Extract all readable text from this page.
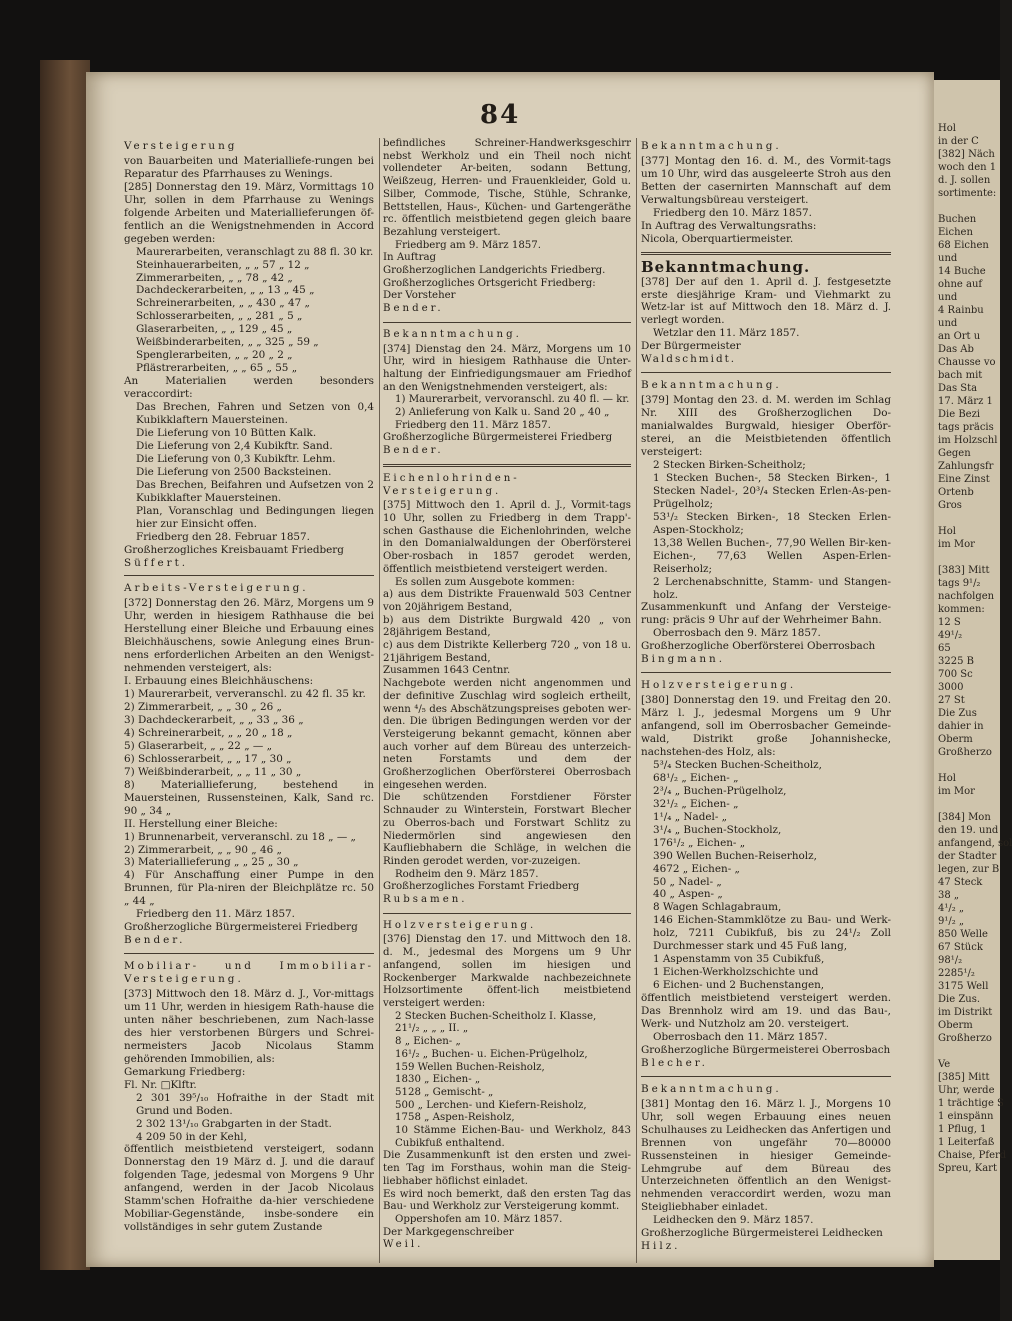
84

Versteigerung

von Bauarbeiten und Materialliefe-rungen bei Reparatur des Pfarrhauses zu Wenings.

[285] Donnerstag den 19. März, Vormittags 10 Uhr, sollen in dem Pfarrhause zu Wenings folgende Arbeiten und Materiallieferungen öf-fentlich an die Wenigstnehmenden in Accord gegeben werden:

Maurerarbeiten, veranschlagt zu 88 fl. 30 kr.

Steinhauerarbeiten, „ „ 57 „ 12 „

Zimmerarbeiten, „ „ 78 „ 42 „

Dachdeckerarbeiten, „ „ 13 „ 45 „

Schreinerarbeiten, „ „ 430 „ 47 „

Schlosserarbeiten, „ „ 281 „ 5 „

Glaserarbeiten, „ „ 129 „ 45 „

Weißbinderarbeiten, „ „ 325 „ 59 „

Spenglerarbeiten, „ „ 20 „ 2 „

Pflästrerarbeiten, „ „ 65 „ 55 „

An Materialien werden besonders veraccordirt:

Das Brechen, Fahren und Setzen von 0,4 Kubikklaftern Mauersteinen.

Die Lieferung von 10 Bütten Kalk.

Die Lieferung von 2,4 Kubikftr. Sand.

Die Lieferung von 0,3 Kubikftr. Lehm.

Die Lieferung von 2500 Backsteinen.

Das Brechen, Beifahren und Aufsetzen von 2 Kubikklafter Mauersteinen.

Plan, Voranschlag und Bedingungen liegen hier zur Einsicht offen.

Friedberg den 28. Februar 1857.

Großherzogliches Kreisbauamt Friedberg

Süffert.

Arbeits-Versteigerung.

[372] Donnerstag den 26. März, Morgens um 9 Uhr, werden in hiesigem Rathhause die bei Herstellung einer Bleiche und Erbauung eines Bleichhäuschens, sowie Anlegung eines Brun-nens erforderlichen Arbeiten an den Wenigst-nehmenden versteigert, als:

I. Erbauung eines Bleichhäuschens:

1) Maurerarbeit, ververanschl. zu 42 fl. 35 kr.

2) Zimmerarbeit, „ „ 30 „ 26 „

3) Dachdeckerarbeit, „ „ 33 „ 36 „

4) Schreinerarbeit, „ „ 20 „ 18 „

5) Glaserarbeit, „ „ 22 „ — „

6) Schlosserarbeit, „ „ 17 „ 30 „

7) Weißbinderarbeit, „ „ 11 „ 30 „

8) Materiallieferung, bestehend in Mauersteinen, Russensteinen, Kalk, Sand rc. 90 „ 34 „

II. Herstellung einer Bleiche:

1) Brunnenarbeit, ververanschl. zu 18 „ — „

2) Zimmerarbeit, „ „ 90 „ 46 „

3) Materiallieferung „ „ 25 „ 30 „

4) Für Anschaffung einer Pumpe in den Brunnen, für Pla-niren der Bleichplätze rc. 50 „ 44 „

Friedberg den 11. März 1857.

Großherzogliche Bürgermeisterei Friedberg

Bender.

Mobiliar- und Immobiliar-Versteigerung.

[373] Mittwoch den 18. März d. J., Vor-mittags um 11 Uhr, werden in hiesigem Rath-hause die unten näher beschriebenen, zum Nach-lasse des hier verstorbenen Bürgers und Schrei-nermeisters Jacob Nicolaus Stamm gehörenden Immobilien, als:

Gemarkung Friedberg:

Fl. Nr. □Klftr.

2 301 39⁵/₁₀ Hofraithe in der Stadt mit Grund und Boden.

2 302 13¹/₁₀ Grabgarten in der Stadt.

4 209 50 in der Kehl,

öffentlich meistbietend versteigert, sodann Donnerstag den 19 März d. J. und die darauf folgenden Tage, jedesmal von Morgens 9 Uhr anfangend, werden in der Jacob Nicolaus Stamm'schen Hofraithe da-hier verschiedene Mobiliar-Gegenstände, insbe-sondere ein vollständiges in sehr gutem Zustande

befindliches Schreiner-Handwerksgeschirr nebst Werkholz und ein Theil noch nicht vollendeter Ar-beiten, sodann Bettung, Weißzeug, Herren- und Frauenkleider, Gold u. Silber, Commode, Tische, Stühle, Schranke, Bettstellen, Haus-, Küchen- und Gartengeräthe rc. öffentlich meistbietend gegen gleich baare Bezahlung versteigert.

Friedberg am 9. März 1857.

In Auftrag

Großherzoglichen Landgerichts Friedberg.

Großherzogliches Ortsgericht Friedberg:

Der Vorsteher

Bender.

Bekanntmachung.

[374] Dienstag den 24. März, Morgens um 10 Uhr, wird in hiesigem Rathhause die Unter-haltung der Einfriedigungsmauer am Friedhof an den Wenigstnehmenden versteigert, als:

1) Maurerarbeit, vervoranschl. zu 40 fl. — kr.

2) Anlieferung von Kalk u. Sand 20 „ 40 „

Friedberg den 11. März 1857.

Großherzogliche Bürgermeisterei Friedberg

Bender.

Eichenlohrinden-Versteigerung.

[375] Mittwoch den 1. April d. J., Vormit-tags 10 Uhr, sollen zu Friedberg in dem Trapp'-schen Gasthause die Eichenlohrinden, welche in den Domanialwaldungen der Oberförsterei Ober-rosbach in 1857 gerodet werden, öffentlich meistbietend versteigert werden.

Es sollen zum Ausgebote kommen:

a) aus dem Distrikte Frauenwald 503 Centner von 20jährigem Bestand,

b) aus dem Distrikte Burgwald 420 „ von 28jährigem Bestand,

c) aus dem Distrikte Kellerberg 720 „ von 18 u. 21jährigem Bestand,

Zusammen 1643 Centnr.

Nachgebote werden nicht angenommen und der definitive Zuschlag wird sogleich ertheilt, wenn ⁴/₅ des Abschätzungspreises geboten wer-den. Die übrigen Bedingungen werden vor der Versteigerung bekannt gemacht, können aber auch vorher auf dem Büreau des unterzeich-neten Forstamts und dem der Großherzoglichen Oberförsterei Oberrosbach eingesehen werden.

Die schützenden Forstdiener Förster Schnauder zu Winterstein, Forstwart Blecher zu Oberros-bach und Forstwart Schlitz zu Niedermörlen sind angewiesen den Kaufliebhabern die Schläge, in welchen die Rinden gerodet werden, vor-zuzeigen.

Rodheim den 9. März 1857.

Großherzogliches Forstamt Friedberg

Rubsamen.

Holzversteigerung.

[376] Dienstag den 17. und Mittwoch den 18. d. M., jedesmal des Morgens um 9 Uhr anfangend, sollen im hiesigen und Rockenberger Markwalde nachbezeichnete Holzsortimente öffent-lich meistbietend versteigert werden:

2 Stecken Buchen-Scheitholz I. Klasse,

21¹/₂ „ „ „ II. „

8 „ Eichen- „

16¹/₂ „ Buchen- u. Eichen-Prügelholz,

159 Wellen Buchen-Reisholz,

1830 „ Eichen- „

5128 „ Gemischt- „

500 „ Lerchen- und Kiefern-Reisholz,

1758 „ Aspen-Reisholz,

10 Stämme Eichen-Bau- und Werkholz, 843 Cubikfuß enthaltend.

Die Zusammenkunft ist den ersten und zwei-ten Tag im Forsthaus, wohin man die Steig-liebhaber höflichst einladet.

Es wird noch bemerkt, daß den ersten Tag das Bau- und Werkholz zur Versteigerung kommt.

Oppershofen am 10. März 1857.

Der Markgegenschreiber

Weil.

Bekanntmachung.

[377] Montag den 16. d. M., des Vormit-tags um 10 Uhr, wird das ausgeleerte Stroh aus den Betten der casernirten Mannschaft auf dem Verwaltungsbüreau versteigert.

Friedberg den 10. März 1857.

In Auftrag des Verwaltungsraths:

Nicola, Oberquartiermeister.

Bekanntmachung.

[378] Der auf den 1. April d. J. festgesetzte erste diesjährige Kram- und Viehmarkt zu Wetz-lar ist auf Mittwoch den 18. März d. J. verlegt worden.

Wetzlar den 11. März 1857.

Der Bürgermeister

Waldschmidt.

Bekanntmachung.

[379] Montag den 23. d. M. werden im Schlag Nr. XIII des Großherzoglichen Do-manialwaldes Burgwald, hiesiger Oberför-sterei, an die Meistbietenden öffentlich versteigert:

2 Stecken Birken-Scheitholz;

1 Stecken Buchen-, 58 Stecken Birken-, 1 Stecken Nadel-, 20³/₄ Stecken Erlen-As-pen-Prügelholz;

53¹/₂ Stecken Birken-, 18 Stecken Erlen-Aspen-Stockholz;

13,38 Wellen Buchen-, 77,90 Wellen Bir-ken-Eichen-, 77,63 Wellen Aspen-Erlen-Reiserholz;

2 Lerchenabschnitte, Stamm- und Stangen-holz.

Zusammenkunft und Anfang der Versteige-rung: präcis 9 Uhr auf der Wehrheimer Bahn.

Oberrosbach den 9. März 1857.

Großherzogliche Oberförsterei Oberrosbach

Bingmann.

Holzversteigerung.

[380] Donnerstag den 19. und Freitag den 20. März l. J., jedesmal Morgens um 9 Uhr anfangend, soll im Oberrosbacher Gemeinde-wald, Distrikt große Johannishecke, nachstehen-des Holz, als:

5³/₄ Stecken Buchen-Scheitholz,

68¹/₂ „ Eichen- „

2³/₄ „ Buchen-Prügelholz,

32¹/₂ „ Eichen- „

1¹/₄ „ Nadel- „

3¹/₄ „ Buchen-Stockholz,

176¹/₂ „ Eichen- „

390 Wellen Buchen-Reiserholz,

4672 „ Eichen- „

50 „ Nadel- „

40 „ Aspen- „

8 Wagen Schlagabraum,

146 Eichen-Stammklötze zu Bau- und Werk-holz, 7211 Cubikfuß, bis zu 24¹/₂ Zoll Durchmesser stark und 45 Fuß lang,

1 Aspenstamm von 35 Cubikfuß,

1 Eichen-Werkholzschichte und

6 Eichen- und 2 Buchenstangen,

öffentlich meistbietend versteigert werden. Das Brennholz wird am 19. und das Bau-, Werk- und Nutzholz am 20. versteigert.

Oberrosbach den 11. März 1857.

Großherzogliche Bürgermeisterei Oberrosbach

Blecher.

Bekanntmachung.

[381] Montag den 16. März l. J., Morgens 10 Uhr, soll wegen Erbauung eines neuen Schulhauses zu Leidhecken das Anfertigen und Brennen von ungefähr 70—80000 Russensteinen in hiesiger Gemeinde-Lehmgrube auf dem Büreau des Unterzeichneten öffentlich an den Wenigst-nehmenden veraccordirt werden, wozu man Steigliebhaber einladet.

Leidhecken den 9. März 1857.

Großherzogliche Bürgermeisterei Leidhecken

Hilz.

Hol
in der C
[382] Näch
woch den 1
d. J. sollen
sortimente:

Buchen
Eichen
68 Eichen
und
14 Buche
ohne auf
und
4 Rainbu
und
an Ort u
Das Ab
Chausse vo
bach mit
Das Sta
17. März 1
Die Bezi
tags präcis
im Holzschl
Gegen
Zahlungsfr
Eine Zinst
Ortenb
Gros

Hol
im Mor

[383] Mitt
tags 9¹/₂
nachfolgen
kommen:
12 S
49¹/₂
65
3225 B
700 Sc
3000
27 St
Die Zus
dahier in
Oberm
Großherzo

Hol
im Mor

[384] Mon
den 19. und
anfangend, sol
der Stadter
legen, zur B
47 Steck
38 „
4¹/₂ „
9¹/₂ „
850 Welle
67 Stück
98¹/₂
2285¹/₂
3175 Well
Die Zus.
im Distrikt
Oberm
Großherzo

Ve
[385] Mitt
Uhr, werde
1 trächtige S
1 einspänn
1 Pflug, 1
1 Leiterfaß
Chaise, Pferd
Spreu, Kart
